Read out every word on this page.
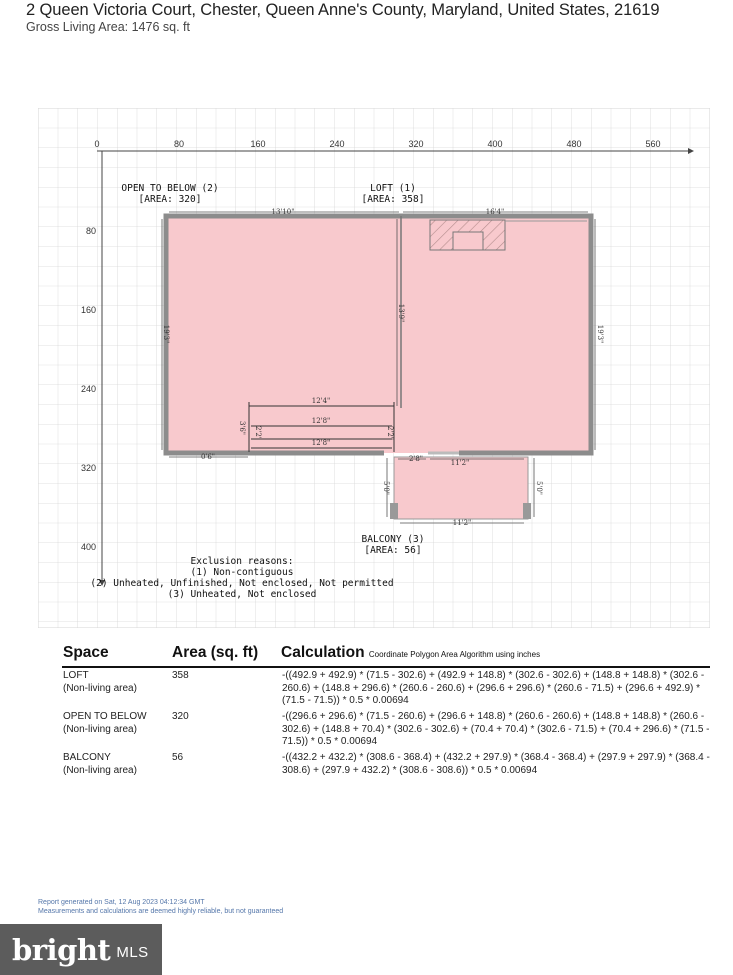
2 Queen Victoria Court, Chester, Queen Anne's County, Maryland, United States, 21619
Gross Living Area: 1476 sq. ft
0	80	160	240	320	400	480	560
80
160
240
320
400
13'10"	16'4"
19'3"	19'3"
13'9"
12'4"
12'8"
12'8"
3'6" 2'2"	2'2"
0'6"	2'8"	11'2"
11'2"
5'0"	5'0"
OPEN TO BELOW (2)
[AREA: 320]
LOFT (1)
[AREA: 358]
BALCONY (3)
[AREA: 56]
Exclusion reasons:
(1) Non-contiguous
(2) Unheated, Unfinished, Not enclosed, Not permitted
(3) Unheated, Not enclosed
Space	Area (sq. ft) Calculation Coordinate Polygon Area Algorithm using inches
LOFT
(Non-living area)
358	-((492.9 + 492.9) * (71.5 - 302.6) + (492.9 + 148.8) * (302.6 - 302.6) + (148.8 + 148.8) * (302.6 - 260.6) + (148.8 + 296.6) * (260.6 - 260.6) + (296.6 + 296.6) * (260.6 - 71.5) + (296.6 + 492.9) * (71.5 - 71.5)) * 0.5 * 0.00694
OPEN TO BELOW
(Non-living area)
320	-((296.6 + 296.6) * (71.5 - 260.6) + (296.6 + 148.8) * (260.6 - 260.6) + (148.8 + 148.8) * (260.6 - 302.6) + (148.8 + 70.4) * (302.6 - 302.6) + (70.4 + 70.4) * (302.6 - 71.5) + (70.4 + 296.6) * (71.5 - 71.5)) * 0.5 * 0.00694
BALCONY
(Non-living area)
56	-((432.2 + 432.2) * (308.6 - 368.4) + (432.2 + 297.9) * (368.4 - 368.4) + (297.9 + 297.9) * (368.4 - 308.6) + (297.9 + 432.2) * (308.6 - 308.6)) * 0.5 * 0.00694
Report generated on Sat, 12 Aug 2023 04:12:34 GMT
Measurements and calculations are deemed highly reliable, but not guaranteed
bright MLS
